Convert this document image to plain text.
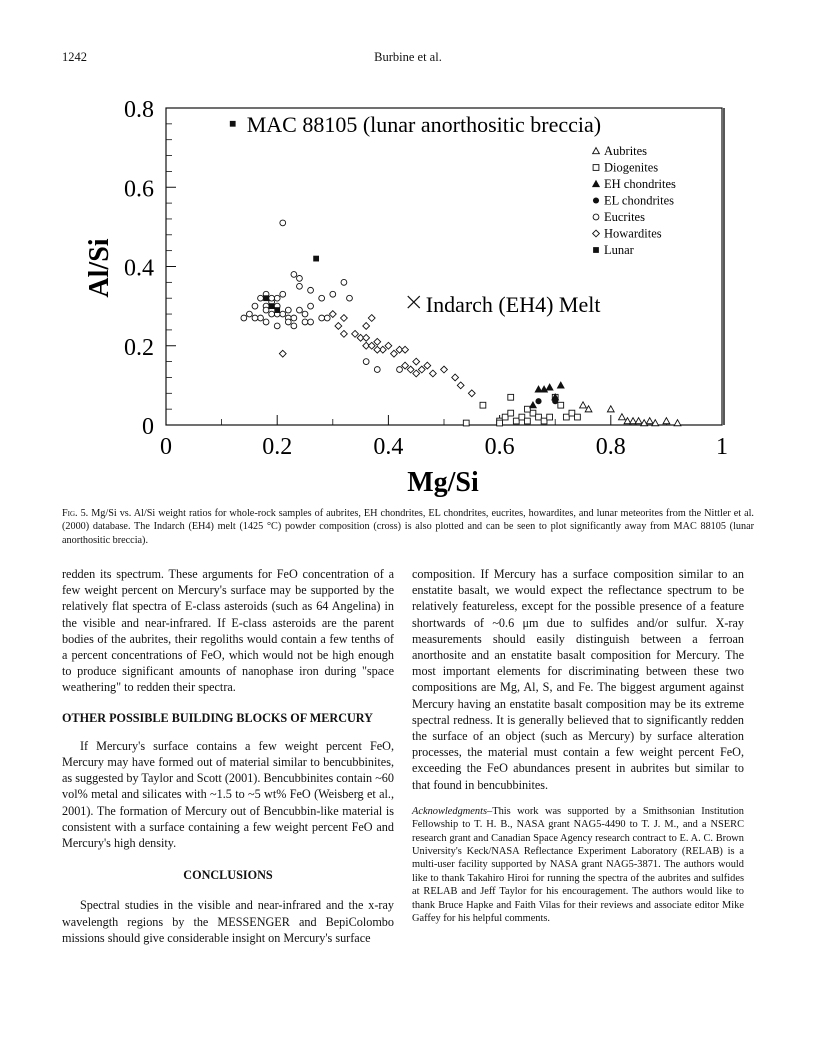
1242	Burbine et al.
0
0.2
0.4
0.6
0.8
0	0.2	0.4	0.6	0.8	1
MAC 88105 (lunar anorthositic breccia)
Indarch (EH4) Melt
Aubrites
Diogenites
EH chondrites
EL chondrites
Eucrites
Howardites
Lunar
Mg/Si
Al/Si
Fig. 5. Mg/Si vs. Al/Si weight ratios for whole-rock samples of aubrites, EH chondrites, EL chondrites, eucrites, howardites, and lunar meteorites from the Nittler et al. (2000) database. The Indarch (EH4) melt (1425 °C) powder composition (cross) is also plotted and can be seen to plot significantly away from MAC 88105 (lunar anorthositic breccia).

redden its spectrum. These arguments for FeO concentration of a few weight percent on Mercury's surface may be supported by the relatively flat spectra of E-class asteroids (such as 64 Angelina) in the visible and near-infrared. If E-class asteroids are the parent bodies of the aubrites, their regoliths would contain a few tenths of a percent concentrations of FeO, which would not be high enough to produce significant amounts of nanophase iron during "space weathering" to redden their spectra.

OTHER POSSIBLE BUILDING BLOCKS OF MERCURY

If Mercury's surface contains a few weight percent FeO, Mercury may have formed out of material similar to bencubbinites, as suggested by Taylor and Scott (2001). Bencubbinites contain ~60 vol% metal and silicates with ~1.5 to ~5 wt% FeO (Weisberg et al., 2001). The formation of Mercury out of Bencubbin-like material is consistent with a surface containing a few weight percent FeO and Mercury's high density.

CONCLUSIONS

Spectral studies in the visible and near-infrared and the x-ray wavelength regions by the MESSENGER and BepiColombo missions should give considerable insight on Mercury's surface

composition. If Mercury has a surface composition similar to an enstatite basalt, we would expect the reflectance spectrum to be relatively featureless, except for the possible presence of a feature shortwards of ~0.6 μm due to sulfides and/or sulfur. X-ray measurements should easily distinguish between a ferroan anorthosite and an enstatite basalt composition for Mercury. The most important elements for discriminating between these two compositions are Mg, Al, S, and Fe. The biggest argument against Mercury having an enstatite basalt composition may be its extreme spectral redness. It is generally believed that to significantly redden the surface of an object (such as Mercury) by surface alteration processes, the material must contain a few weight percent FeO, exceeding the FeO abundances present in aubrites but similar to that found in bencubbinites.

Acknowledgments–This work was supported by a Smithsonian Institution Fellowship to T. H. B., NASA grant NAG5-4490 to T. J. M., and a NSERC research grant and Canadian Space Agency research contract to E. A. C. Brown University's Keck/NASA Reflectance Experiment Laboratory (RELAB) is a multi-user facility supported by NASA grant NAG5-3871. The authors would like to thank Takahiro Hiroi for running the spectra of the aubrites and sulfides at RELAB and Jeff Taylor for his encouragement. The authors would like to thank Bruce Hapke and Faith Vilas for their reviews and associate editor Mike Gaffey for his helpful comments.
